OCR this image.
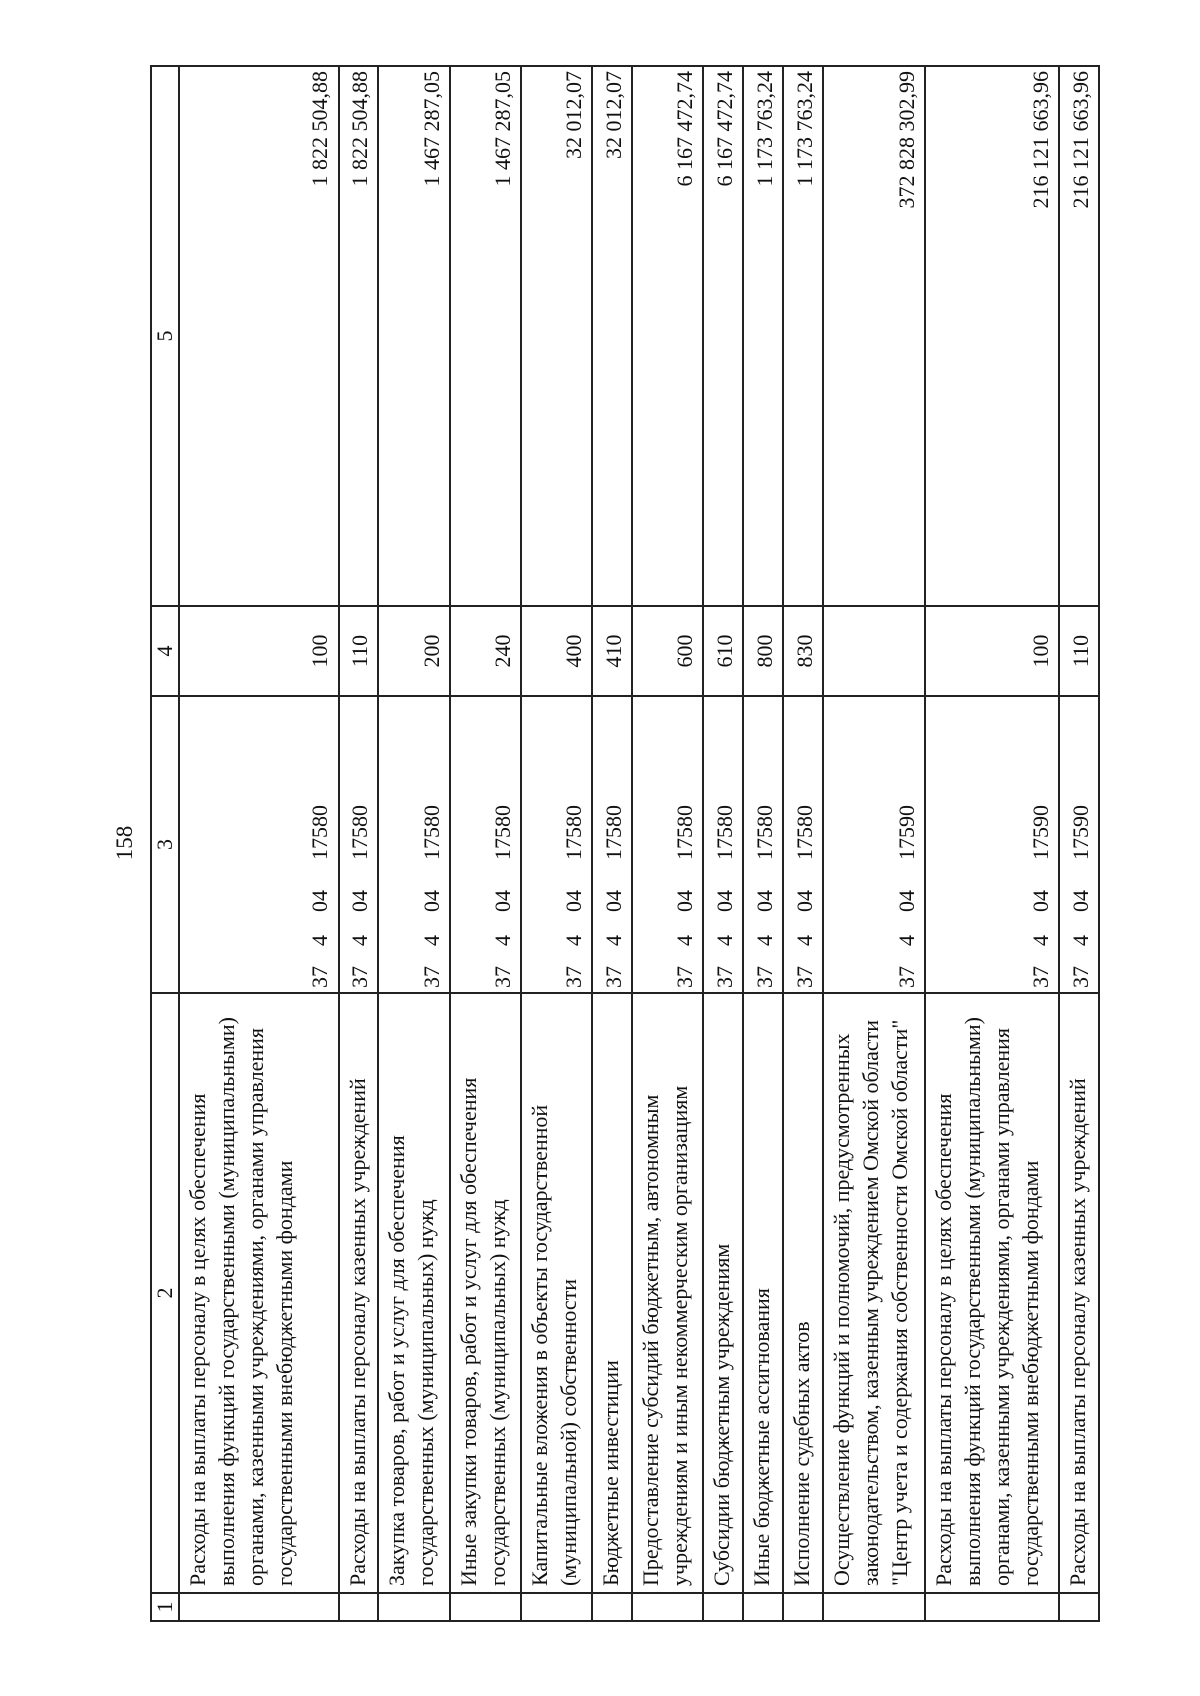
158
1	2	3	4	5
	Расходы на выплаты персоналу в целях обеспечения выполнения функций государственными (муниципальными) органами, казенными учреждениями, органами управления государственными внебюджетными фондами	3740417580	100	1 822 504,88
	Расходы на выплаты персоналу казенных учреждений	3740417580	110	1 822 504,88
	Закупка товаров, работ и услуг для обеспечения государственных (муниципальных) нужд	3740417580	200	1 467 287,05
	Иные закупки товаров, работ и услуг для обеспечения государственных (муниципальных) нужд	3740417580	240	1 467 287,05
	Капитальные вложения в объекты государственной (муниципальной) собственности	3740417580	400	32 012,07
	Бюджетные инвестиции	3740417580	410	32 012,07
	Предоставление субсидий бюджетным, автономным учреждениям и иным некоммерческим организациям	3740417580	600	6 167 472,74
	Субсидии бюджетным учреждениям	3740417580	610	6 167 472,74
	Иные бюджетные ассигнования	3740417580	800	1 173 763,24
	Исполнение судебных актов	3740417580	830	1 173 763,24
	Осуществление функций и полномочий, предусмотренных законодательством, казенным учреждением Омской области "Центр учета и содержания собственности Омской области"	3740417590		372 828 302,99
	Расходы на выплаты персоналу в целях обеспечения выполнения функций государственными (муниципальными) органами, казенными учреждениями, органами управления государственными внебюджетными фондами	3740417590	100	216 121 663,96
	Расходы на выплаты персоналу казенных учреждений	3740417590	110	216 121 663,96
